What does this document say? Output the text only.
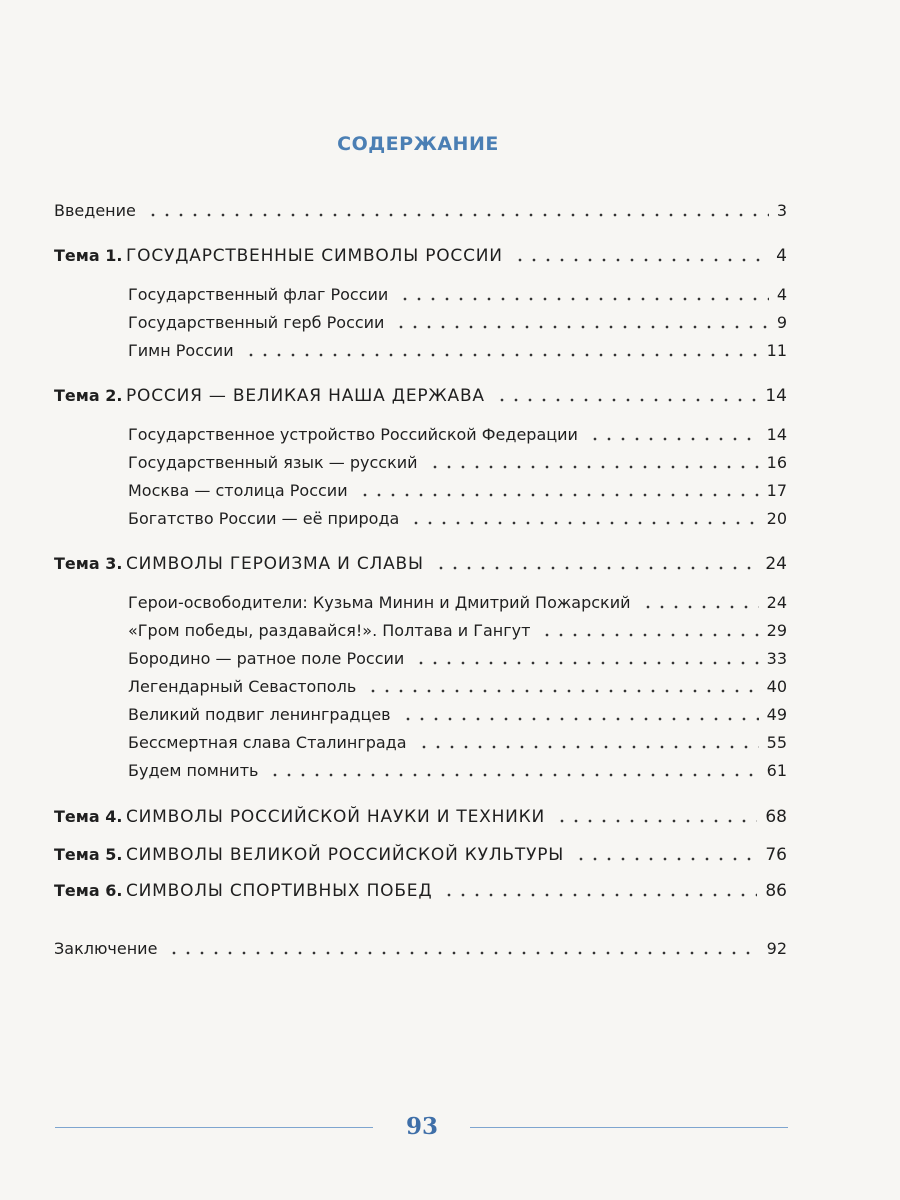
СОДЕРЖАНИЕ
Введение	3
Тема 1. ГОСУДАРСТВЕННЫЕ СИМВОЛЫ РОССИИ	4
Государственный флаг России	4
Государственный герб России	9
Гимн России	11
Тема 2. РОССИЯ — ВЕЛИКАЯ НАША ДЕРЖАВА	14
Государственное устройство Российской Федерации	14
Государственный язык — русский	16
Москва — столица России	17
Богатство России — её природа	20
Тема 3. СИМВОЛЫ ГЕРОИЗМА И СЛАВЫ	24
Герои-освободители: Кузьма Минин и Дмитрий Пожарский	24
«Гром победы, раздавайся!». Полтава и Гангут	29
Бородино — ратное поле России	33
Легендарный Севастополь	40
Великий подвиг ленинградцев	49
Бессмертная слава Сталинграда	55
Будем помнить	61
Тема 4. СИМВОЛЫ РОССИЙСКОЙ НАУКИ И ТЕХНИКИ	68
Тема 5. СИМВОЛЫ ВЕЛИКОЙ РОССИЙСКОЙ КУЛЬТУРЫ	76
Тема 6. СИМВОЛЫ СПОРТИВНЫХ ПОБЕД	86
Заключение	92
93
